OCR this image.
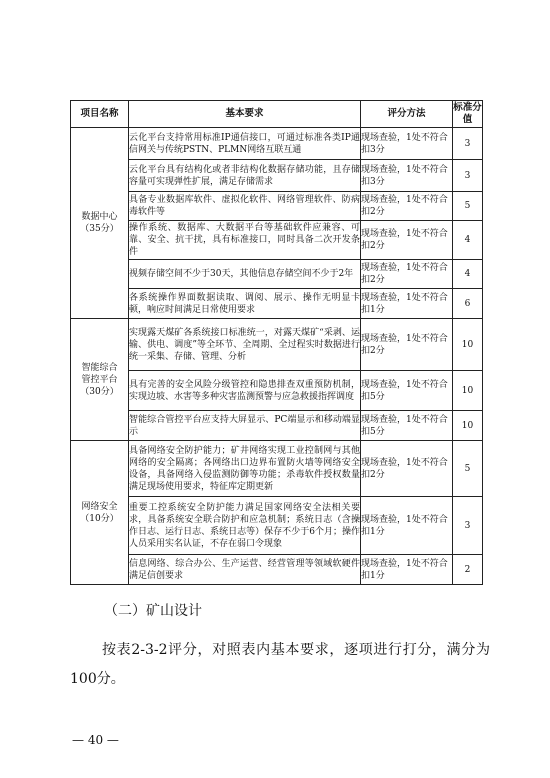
项目名称	基本要求	评分方法	标准分值

数据中心
（35分）	云化平台支持常用标准IP通信接口，可通过标准各类IP通信网关与传统PSTN、PLMN网络互联互通	现场查验，1处不符合扣3分	3
	云化平台具有结构化或者非结构化数据存储功能，且存储容量可实现弹性扩展，满足存储需求	现场查验，1处不符合扣3分	3
	具备专业数据库软件、虚拟化软件、网络管理软件、防病毒软件等	现场查验，1处不符合扣2分	5
	操作系统、数据库、大数据平台等基础软件应兼容、可靠、安全、抗干扰，具有标准接口，同时具备二次开发条件	现场查验，1处不符合扣2分	4
	视频存储空间不少于30天，其他信息存储空间不少于2年	现场查验，1处不符合扣2分	4
	各系统操作界面数据读取、调阅、展示、操作无明显卡顿，响应时间满足日常使用要求	现场查验，1处不符合扣1分	6

智能综合
管控平台
（30分）	实现露天煤矿各系统接口标准统一，对露天煤矿“采剥、运输、供电、调度”等全环节、全周期、全过程实时数据进行统一采集、存储、管理、分析	现场查验，1处不符合扣2分	10
	具有完善的安全风险分级管控和隐患排查双重预防机制，实现边坡、水害等多种灾害监测预警与应急救援指挥调度	现场查验，1处不符合扣5分	10
	智能综合管控平台应支持大屏显示、PC端显示和移动端显示	现场查验，1处不符合扣5分	10

网络安全
（10分）	具备网络安全防护能力；矿井网络实现工业控制网与其他网络的安全隔离；各网络出口边界布置防火墙等网络安全设备，具备网络入侵监测防御等功能；杀毒软件授权数量满足现场使用要求，特征库定期更新	现场查验，1处不符合扣2分	5
	重要工控系统安全防护能力满足国家网络安全法相关要求，具备系统安全联合防护和应急机制；系统日志（含操作日志、运行日志、系统日志等）保存不少于6个月；操作人员采用实名认证，不存在弱口令现象	现场查验，1处不符合扣1分	3
	信息网络、综合办公、生产运营、经营管理等领域软硬件满足信创要求	现场查验，1处不符合扣1分	2
（二）矿山设计
按表2-3-2评分，对照表内基本要求，逐项进行打分，满分为100分。
— 40 —
